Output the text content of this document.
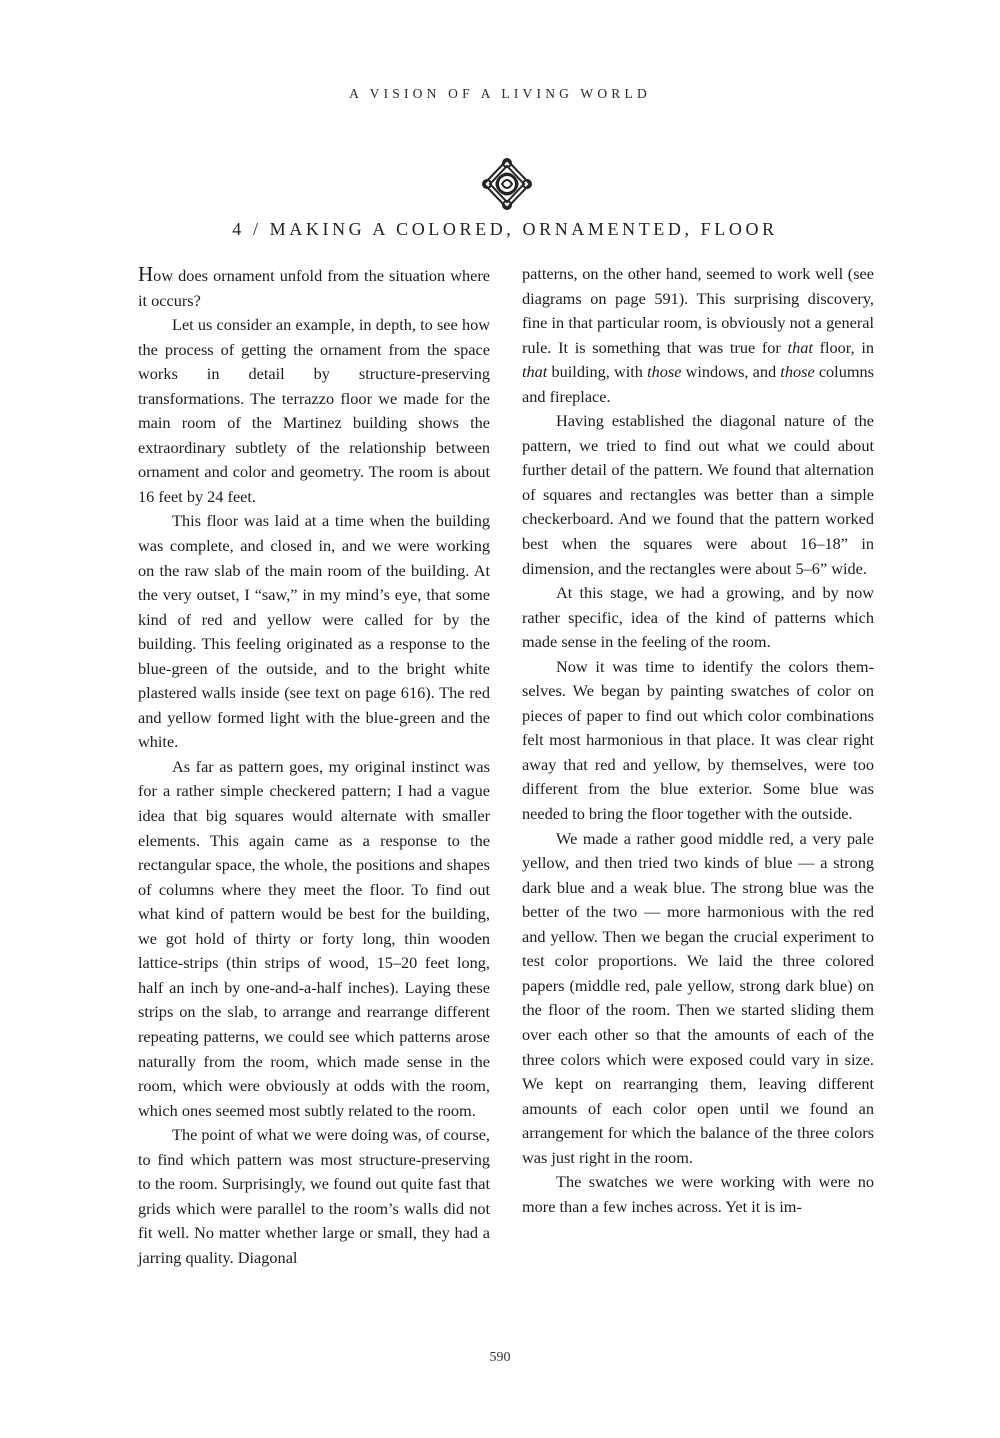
A VISION OF A LIVING WORLD
4 / MAKING A COLORED, ORNAMENTED, FLOOR

How does ornament unfold from the situation where it occurs?

Let us consider an example, in depth, to see how the process of getting the ornament from the space works in detail by structure-preserving transformations. The terrazzo floor we made for the main room of the Martinez building shows the extraordinary subtlety of the relationship between ornament and color and geometry. The room is about 16 feet by 24 feet.

This floor was laid at a time when the building was complete, and closed in, and we were working on the raw slab of the main room of the building. At the very outset, I “saw,” in my mind’s eye, that some kind of red and yellow were called for by the building. This feeling originated as a response to the blue-green of the outside, and to the bright white plastered walls inside (see text on page 616). The red and yellow formed light with the blue-green and the white.

As far as pattern goes, my original instinct was for a rather simple checkered pattern; I had a vague idea that big squares would alternate with smaller elements. This again came as a response to the rectangular space, the whole, the positions and shapes of columns where they meet the floor. To find out what kind of pattern would be best for the building, we got hold of thirty or forty long, thin wooden lattice-strips (thin strips of wood, 15–20 feet long, half an inch by one-and-a-half inches). Laying these strips on the slab, to arrange and rearrange different repeating patterns, we could see which patterns arose naturally from the room, which made sense in the room, which were obviously at odds with the room, which ones seemed most subtly related to the room.

The point of what we were doing was, of course, to find which pattern was most structure-preserving to the room. Surprisingly, we found out quite fast that grids which were parallel to the room’s walls did not fit well. No matter whether large or small, they had a jarring quality. Diagonal

patterns, on the other hand, seemed to work well (see diagrams on page 591). This surprising discovery, fine in that particular room, is obviously not a general rule. It is something that was true for that floor, in that building, with those windows, and those columns and fireplace.

Having established the diagonal nature of the pattern, we tried to find out what we could about further detail of the pattern. We found that alternation of squares and rectangles was better than a simple checkerboard. And we found that the pattern worked best when the squares were about 16–18” in dimension, and the rectangles were about 5–6” wide.

At this stage, we had a growing, and by now rather specific, idea of the kind of patterns which made sense in the feeling of the room.

Now it was time to identify the colors themselves. We began by painting swatches of color on pieces of paper to find out which color combinations felt most harmonious in that place. It was clear right away that red and yellow, by themselves, were too different from the blue exterior. Some blue was needed to bring the floor together with the outside.

We made a rather good middle red, a very pale yellow, and then tried two kinds of blue — a strong dark blue and a weak blue. The strong blue was the better of the two — more harmonious with the red and yellow. Then we began the crucial experiment to test color proportions. We laid the three colored papers (middle red, pale yellow, strong dark blue) on the floor of the room. Then we started sliding them over each other so that the amounts of each of the three colors which were exposed could vary in size. We kept on rearranging them, leaving different amounts of each color open until we found an arrangement for which the balance of the three colors was just right in the room.

The swatches we were working with were no more than a few inches across. Yet it is im-

590
